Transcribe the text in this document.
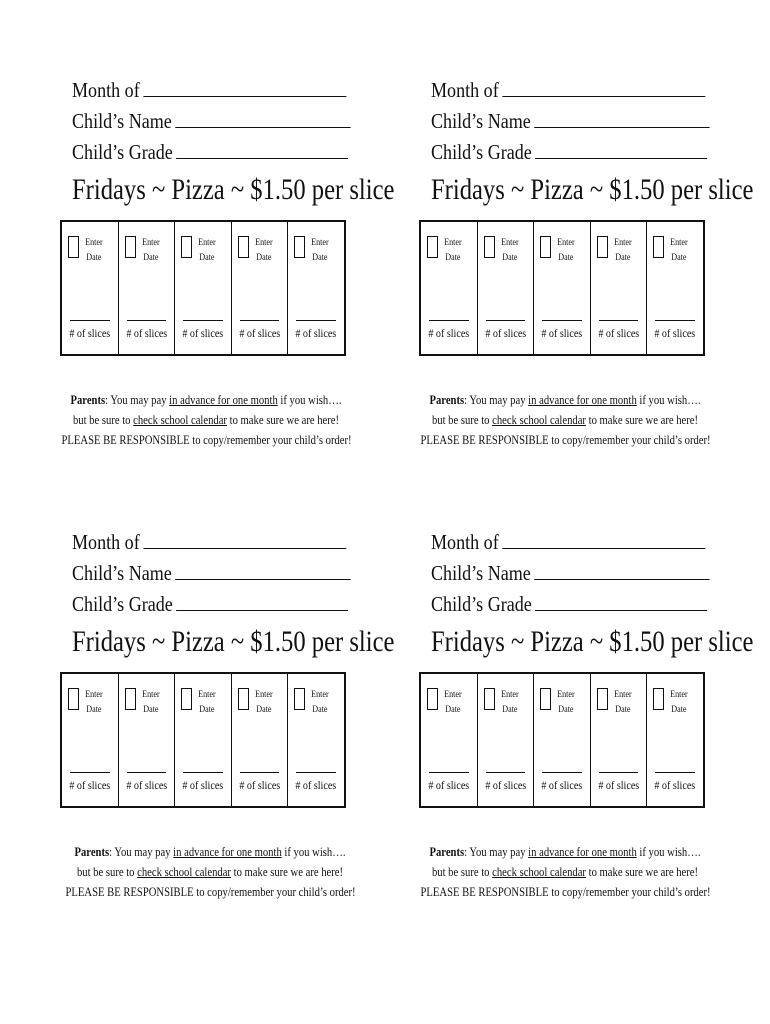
Month of
Child’s Name
Child’s Grade
Fridays ~ Pizza ~ $1.50 per slice
Enter
Date
# of slices
Enter
Date
# of slices
Enter
Date
# of slices
Enter
Date
# of slices
Enter
Date
# of slices
Parents: You may pay in advance for one month if you wish….
but be sure to check school calendar to make sure we are here!
PLEASE BE RESPONSIBLE to copy/remember your child’s order!
Month of
Child’s Name
Child’s Grade
Fridays ~ Pizza ~ $1.50 per slice
Enter
Date
# of slices
Enter
Date
# of slices
Enter
Date
# of slices
Enter
Date
# of slices
Enter
Date
# of slices
Parents: You may pay in advance for one month if you wish….
but be sure to check school calendar to make sure we are here!
PLEASE BE RESPONSIBLE to copy/remember your child’s order!
Month of
Child’s Name
Child’s Grade
Fridays ~ Pizza ~ $1.50 per slice
Enter
Date
# of slices
Enter
Date
# of slices
Enter
Date
# of slices
Enter
Date
# of slices
Enter
Date
# of slices
Parents: You may pay in advance for one month if you wish….
but be sure to check school calendar to make sure we are here!
PLEASE BE RESPONSIBLE to copy/remember your child’s order!
Month of
Child’s Name
Child’s Grade
Fridays ~ Pizza ~ $1.50 per slice
Enter
Date
# of slices
Enter
Date
# of slices
Enter
Date
# of slices
Enter
Date
# of slices
Enter
Date
# of slices
Parents: You may pay in advance for one month if you wish….
but be sure to check school calendar to make sure we are here!
PLEASE BE RESPONSIBLE to copy/remember your child’s order!
